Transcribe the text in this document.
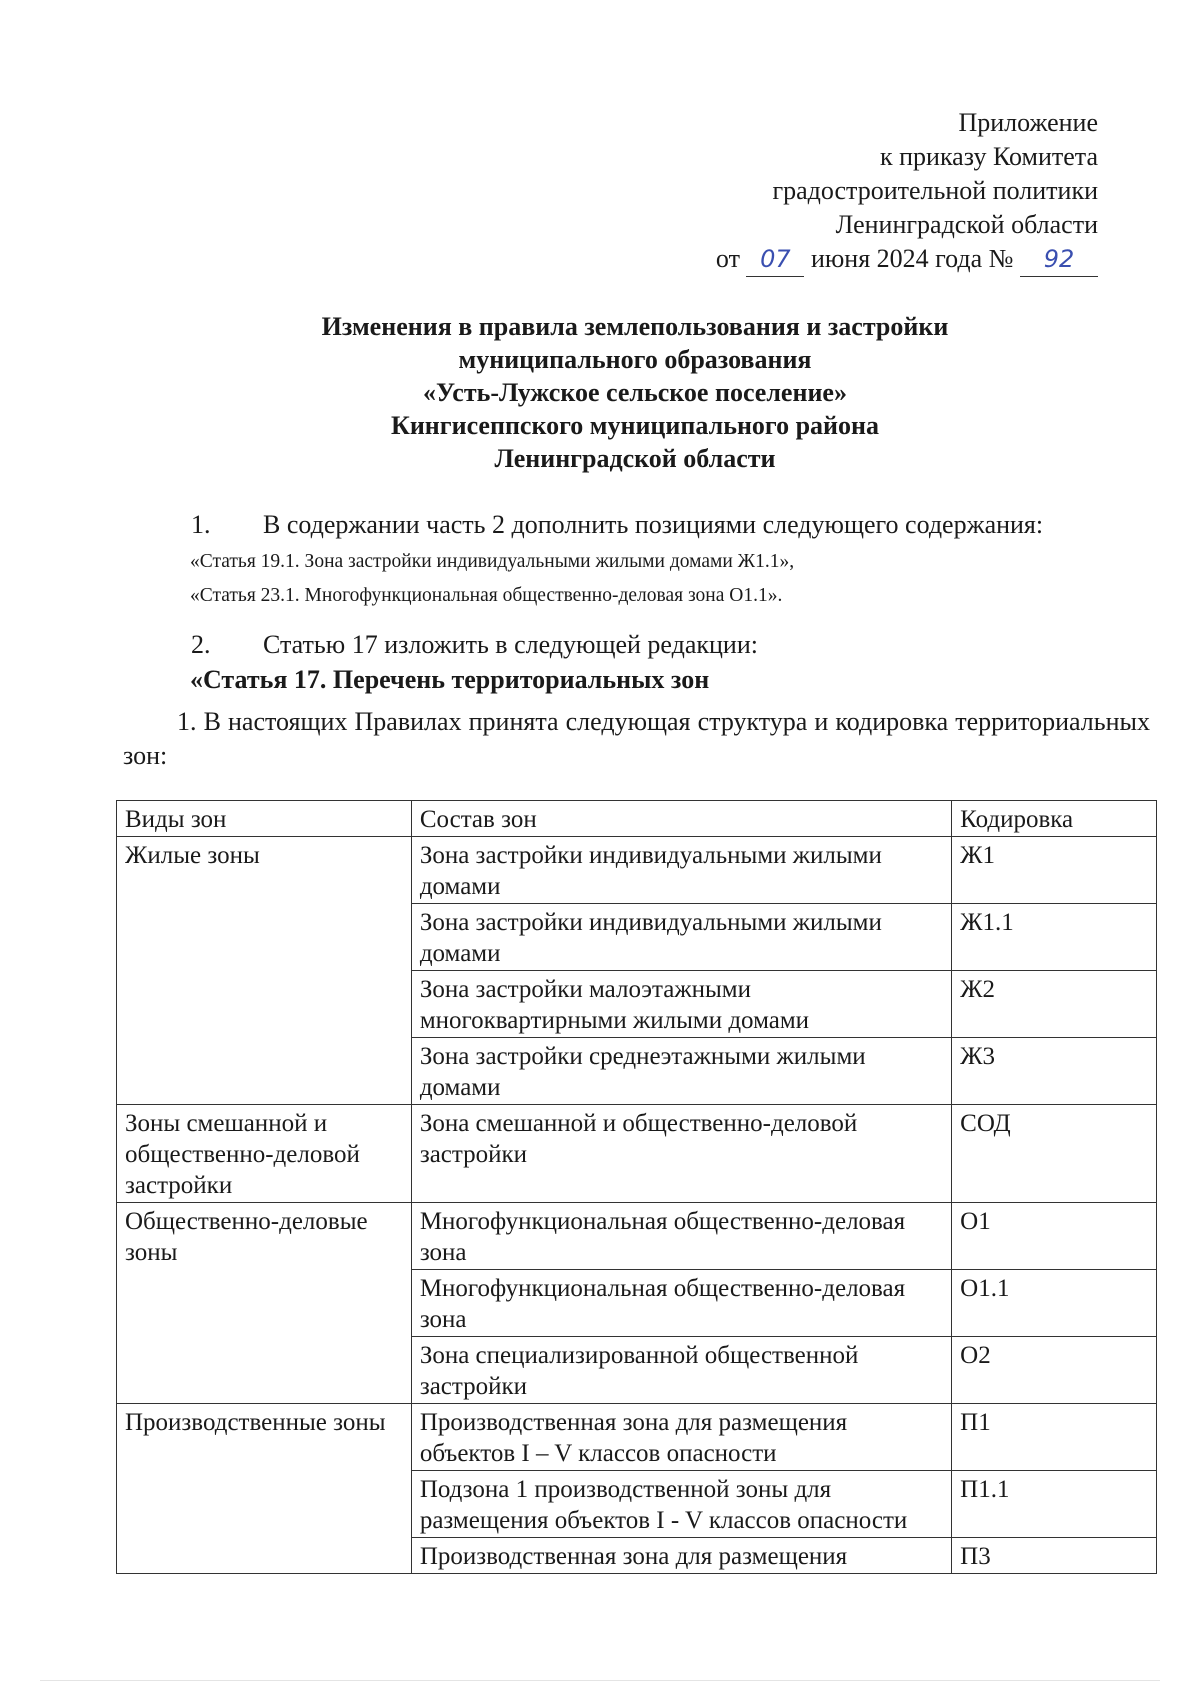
Приложение
к приказу Комитета
градостроительной политики
Ленинградской области
от 07 июня 2024 года № 92
Изменения в правила землепользования и застройки
муниципального образования
«Усть-Лужское сельское поселение»
Кингисеппского муниципального района
Ленинградской области
1. В содержании часть 2 дополнить позициями следующего содержания:
«Статья 19.1. Зона застройки индивидуальными жилыми домами Ж1.1»,
«Статья 23.1. Многофункциональная общественно-деловая зона О1.1».
2. Статью 17 изложить в следующей редакции:
«Статья 17. Перечень территориальных зон
1. В настоящих Правилах принята следующая структура и кодировка территориальных зон:
Виды зон	Состав зон	Кодировка
Жилые зоны	Зона застройки индивидуальными жилыми домами	Ж1
	Зона застройки индивидуальными жилыми домами	Ж1.1
	Зона застройки малоэтажными многоквартирными жилыми домами	Ж2
	Зона застройки среднеэтажными жилыми домами	Ж3
Зоны смешанной и общественно-деловой застройки	Зона смешанной и общественно-деловой застройки	СОД
Общественно-деловые зоны	Многофункциональная общественно-деловая зона	О1
	Многофункциональная общественно-деловая зона	О1.1
	Зона специализированной общественной застройки	О2
Производственные зоны	Производственная зона для размещения объектов I – V классов опасности	П1
	Подзона 1 производственной зоны для размещения объектов I - V классов опасности	П1.1
	Производственная зона для размещения	П3
